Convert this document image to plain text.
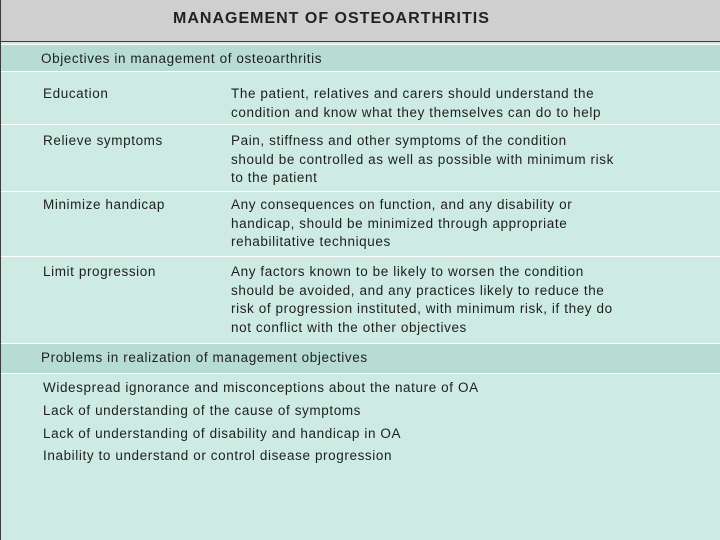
MANAGEMENT OF OSTEOARTHRITIS
Objectives in management of osteoarthritis
Education	The patient, relatives and carers should understand the
condition and know what they themselves can do to help
Relieve symptoms	Pain, stiffness and other symptoms of the condition
should be controlled as well as possible with minimum risk
to the patient
Minimize handicap	Any consequences on function, and any disability or
handicap, should be minimized through appropriate
rehabilitative techniques
Limit progression	Any factors known to be likely to worsen the condition
should be avoided, and any practices likely to reduce the
risk of progression instituted, with minimum risk, if they do
not conflict with the other objectives
Problems in realization of management objectives
Widespread ignorance and misconceptions about the nature of OA
Lack of understanding of the cause of symptoms
Lack of understanding of disability and handicap in OA
Inability to understand or control disease progression
